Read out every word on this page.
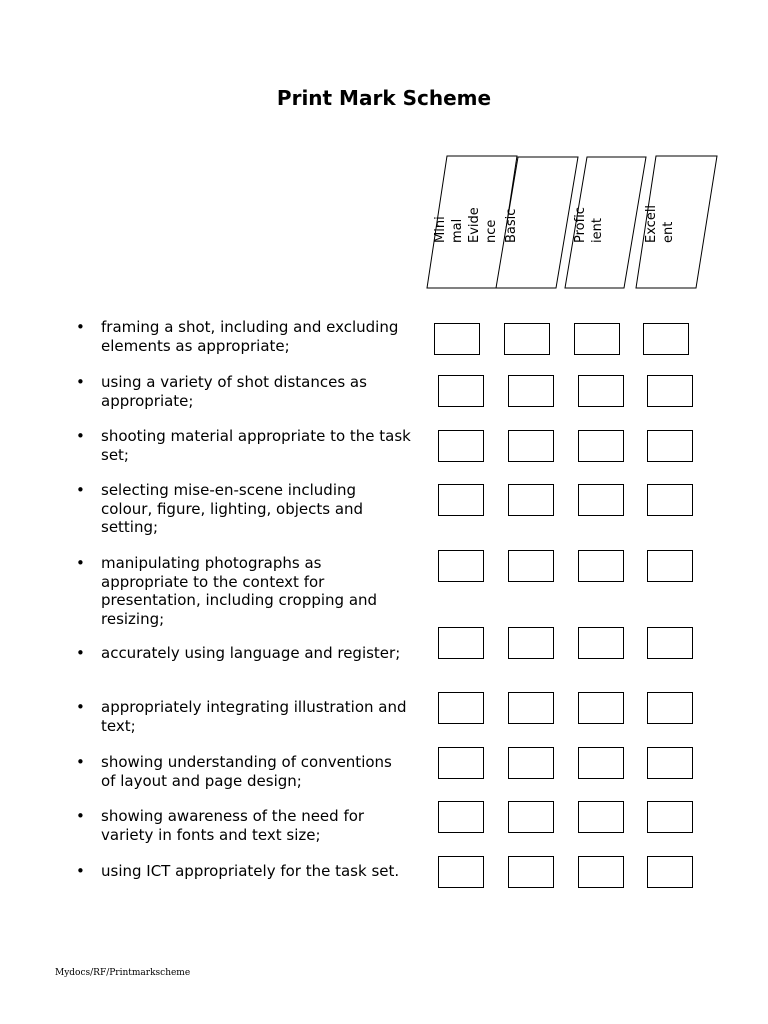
Print Mark Scheme
Mini mal Evide nce Basic	Profic ient	Excell ent
• framing a shot, including and excluding elements as appropriate;
• using a variety of shot distances as appropriate;
• shooting material appropriate to the task set;
• selecting mise-en-scene including colour, figure, lighting, objects and setting;
• manipulating photographs as appropriate to the context for presentation, including cropping and resizing;
• accurately using language and register;
• appropriately integrating illustration and text;
• showing understanding of conventions of layout and page design;
• showing awareness of the need for variety in fonts and text size;
• using ICT appropriately for the task set.
Mydocs/RF/Printmarkscheme
